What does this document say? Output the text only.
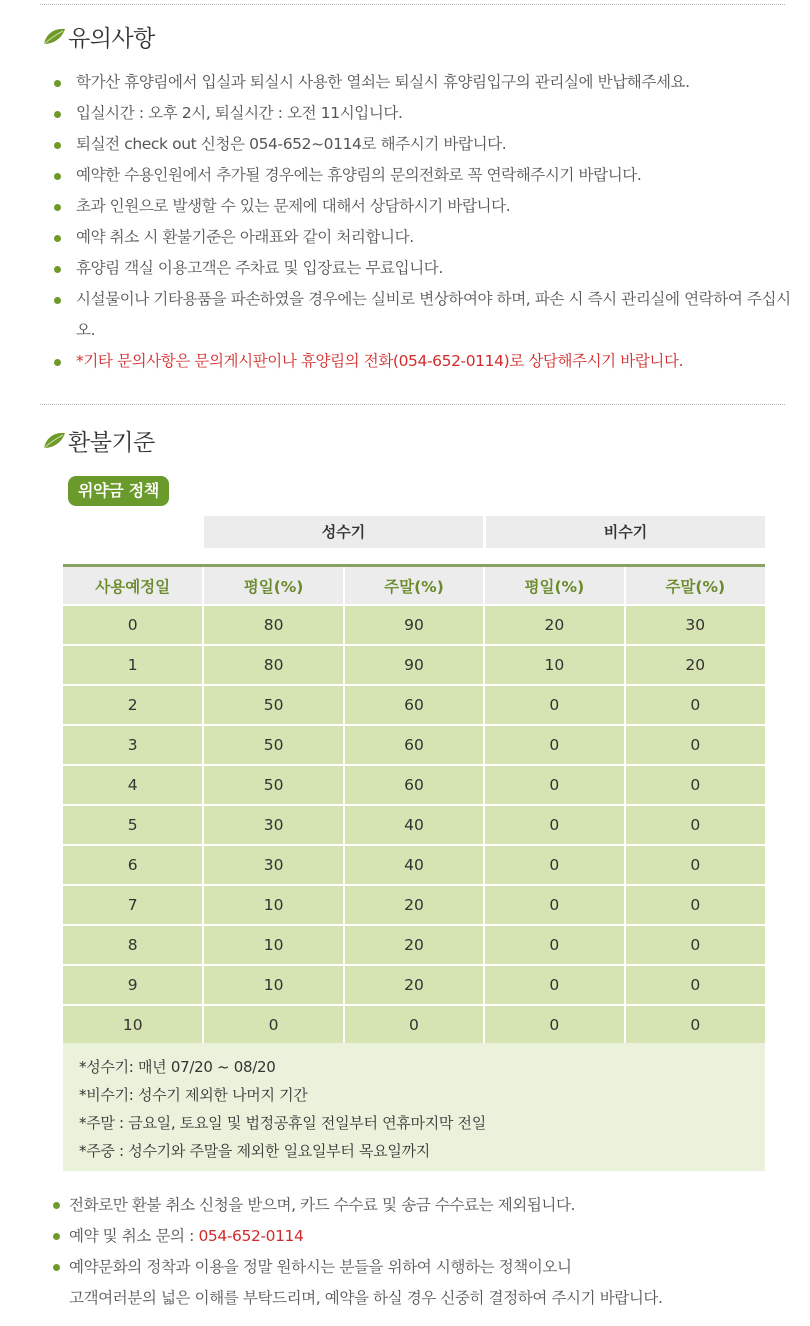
유의사항
학가산 휴양림에서 입실과 퇴실시 사용한 열쇠는 퇴실시 휴양림입구의 관리실에 반납해주세요.
입실시간 : 오후 2시, 퇴실시간 : 오전 11시입니다.
퇴실전 check out 신청은 054-652~0114로 해주시기 바랍니다.
예약한 수용인원에서 추가될 경우에는 휴양림의 문의전화로 꼭 연락해주시기 바랍니다.
초과 인원으로 발생할 수 있는 문제에 대해서 상담하시기 바랍니다.
예약 취소 시 환불기준은 아래표와 같이 처리합니다.
휴양림 객실 이용고객은 주차료 및 입장료는 무료입니다.
시설물이나 기타용품을 파손하였을 경우에는 실비로 변상하여야 하며, 파손 시 즉시 관리실에 연락하여 주십시오.
*기타 문의사항은 문의게시판이나 휴양림의 전화(054-652-0114)로 상담해주시기 바랍니다.
환불기준
위약금 정책
성수기	비수기
사용예정일	평일(%)	주말(%)	평일(%)	주말(%)
0	80	90	20	30
1	80	90	10	20
2	50	60	0	0
3	50	60	0	0
4	50	60	0	0
5	30	40	0	0
6	30	40	0	0
7	10	20	0	0
8	10	20	0	0
9	10	20	0	0
10	0	0	0	0
*성수기: 매년 07/20 ~ 08/20
*비수기: 성수기 제외한 나머지 기간
*주말 : 금요일, 토요일 및 법정공휴일 전일부터 연휴마지막 전일
*주중 : 성수기와 주말을 제외한 일요일부터 목요일까지
전화로만 환불 취소 신청을 받으며, 카드 수수료 및 송금 수수료는 제외됩니다.
예약 및 취소 문의 : 054-652-0114
예약문화의 정착과 이용을 정말 원하시는 분들을 위하여 시행하는 정책이오니
고객여러분의 넓은 이해를 부탁드리며, 예약을 하실 경우 신중히 결정하여 주시기 바랍니다.
